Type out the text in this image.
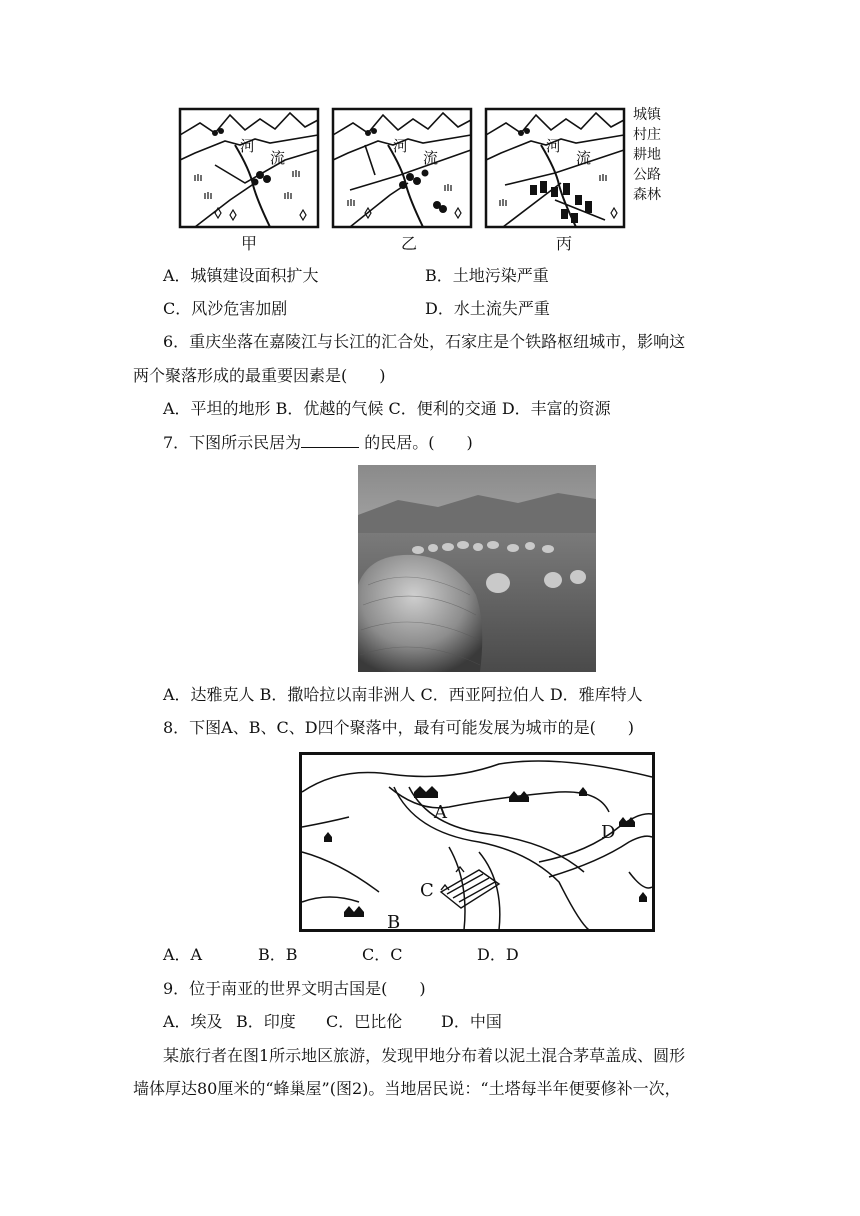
河
流
河
流
河
流
城镇
村庄
耕地
公路
森林
甲	乙	丙
A．城镇建设面积扩大	B．土地污染严重
C．风沙危害加剧	D．水土流失严重
6．重庆坐落在嘉陵江与长江的汇合处，石家庄是个铁路枢纽城市，影响这
两个聚落形成的最重要因素是(　　)
A．平坦的地形 B．优越的气候 C．便利的交通 D．丰富的资源
7．下图所示民居为	的民居。(　　)
A．达雅克人 B．撒哈拉以南非洲人 C．西亚阿拉伯人 D．雅库特人
8．下图A、B、C、D四个聚落中，最有可能发展为城市的是(　　)
A
B
C
D
A．A	B．B	C．C	D．D
9．位于南亚的世界文明古国是(　　)
A．埃及 B．印度 C．巴比伦 D．中国
某旅行者在图1所示地区旅游，发现甲地分布着以泥土混合茅草盖成、圆形
墙体厚达80厘米的“蜂巢屋”(图2)。当地居民说：“土塔每半年便要修补一次，
